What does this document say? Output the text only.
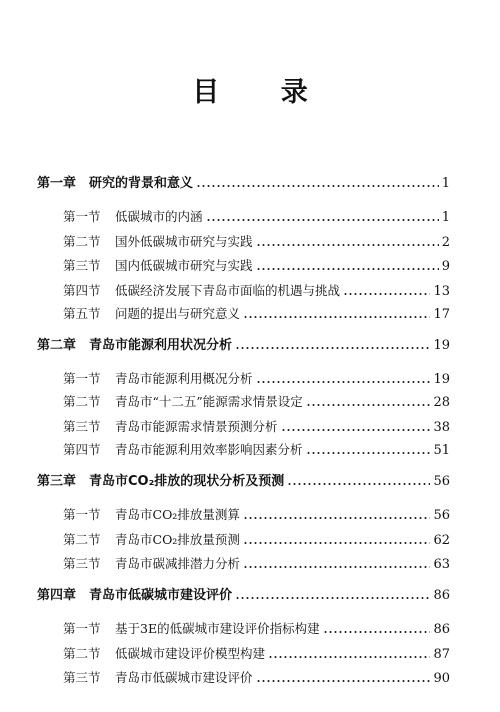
目 录
第一章 研究的背景和意义	1
第一节	低碳城市的内涵	1
第二节	国外低碳城市研究与实践	2
第三节	国内低碳城市研究与实践	9
第四节	低碳经济发展下青岛市面临的机遇与挑战	13
第五节	问题的提出与研究意义	17
第二章 青岛市能源利用状况分析	19
第一节	青岛市能源利用概况分析	19
第二节	青岛市“十二五”能源需求情景设定	28
第三节	青岛市能源需求情景预测分析	38
第四节	青岛市能源利用效率影响因素分析	51
第三章 青岛市CO₂排放的现状分析及预测	56
第一节	青岛市CO₂排放量测算	56
第二节	青岛市CO₂排放量预测	62
第三节	青岛市碳减排潜力分析	63
第四章 青岛市低碳城市建设评价	86
第一节	基于3E的低碳城市建设评价指标构建	86
第二节	低碳城市建设评价模型构建	87
第三节	青岛市低碳城市建设评价	90
